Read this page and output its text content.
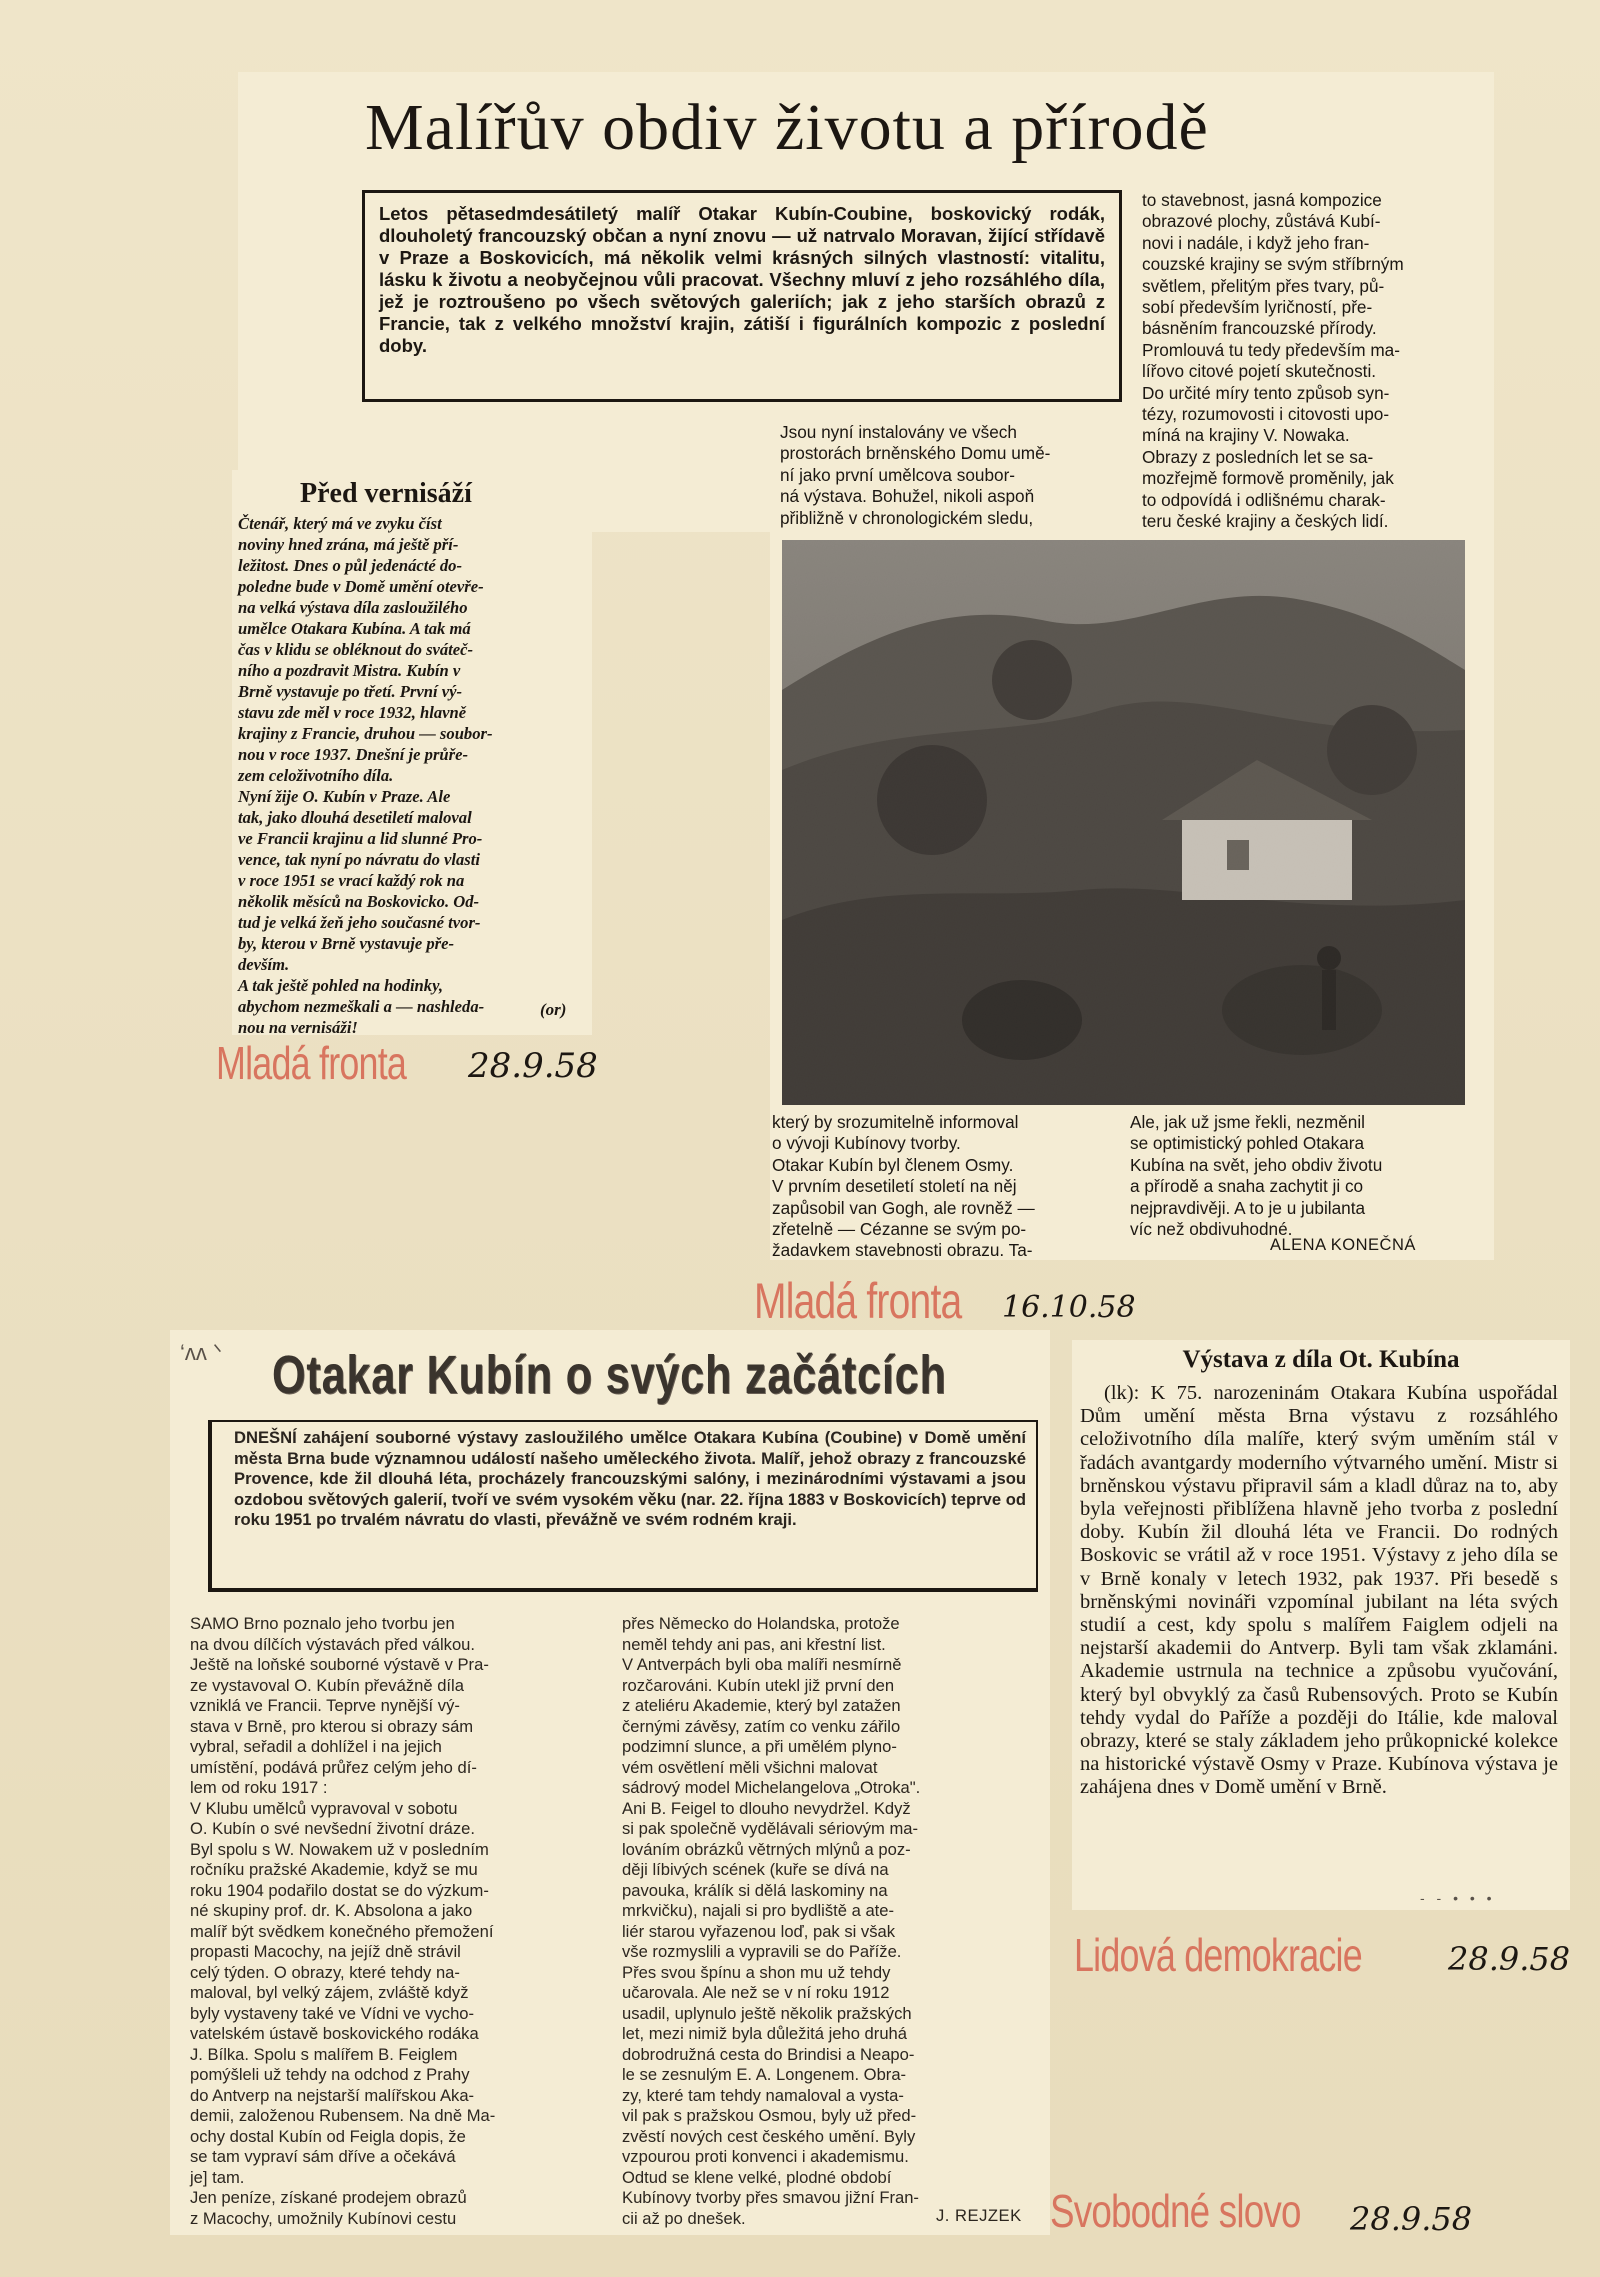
Malířův obdiv životu a přírodě
Letos pětasedmdesátiletý malíř Otakar Kubín-Coubine, boskovický rodák, dlouholetý francouzský občan a nyní znovu — už natrvalo Moravan, žijící střídavě v Praze a Boskovicích, má několik velmi krásných silných vlastností: vitalitu, lásku k životu a neobyčejnou vůli pracovat. Všechny mluví z jeho rozsáhlého díla, jež je roztroušeno po všech světových galeriích; jak z jeho starších obrazů z Francie, tak z velkého množství krajin, zátiší i figurálních kompozic z poslední doby.
to stavebnost, jasná kompozice
obrazové plochy, zůstává Kubí-
novi i nadále, i když jeho fran-
couzské krajiny se svým stříbrným
světlem, přelitým přes tvary, pů-
sobí především lyričností, pře-
básněním francouzské přírody.
Promlouvá tu tedy především ma-
lířovo citové pojetí skutečnosti.
Do určité míry tento způsob syn-
tézy, rozumovosti i citovosti upo-
míná na krajiny V. Nowaka.
Obrazy z posledních let se sa-
mozřejmě formově proměnily, jak
to odpovídá i odlišnému charak-
teru české krajiny a českých lidí.
Jsou nyní instalovány ve všech
prostorách brněnského Domu umě-
ní jako první umělcova soubor-
ná výstava. Bohužel, nikoli aspoň
přibližně v chronologickém sledu,
který by srozumitelně informoval
o vývoji Kubínovy tvorby.
Otakar Kubín byl členem Osmy.
V prvním desetiletí století na něj
zapůsobil van Gogh, ale rovněž —
zřetelně — Cézanne se svým po-
žadavkem stavebnosti obrazu. Ta-
Ale, jak už jsme řekli, nezměnil
se optimistický pohled Otakara
Kubína na svět, jeho obdiv životu
a přírodě a snaha zachytit ji co
nejpravdivěji. A to je u jubilanta
víc než obdivuhodné.
ALENA KONEČNÁ
Před vernisáží
Čtenář, který má ve zvyku číst
noviny hned zrána, má ještě pří-
ležitost. Dnes o půl jedenácté do-
poledne bude v Domě umění otevře-
na velká výstava díla zasloužilého
umělce Otakara Kubína. A tak má
čas v klidu se obléknout do sváteč-
ního a pozdravit Mistra. Kubín v
Brně vystavuje po třetí. První vý-
stavu zde měl v roce 1932, hlavně
krajiny z Francie, druhou — soubor-
nou v roce 1937. Dnešní je průře-
zem celoživotního díla.
Nyní žije O. Kubín v Praze. Ale
tak, jako dlouhá desetiletí maloval
ve Francii krajinu a lid slunné Pro-
vence, tak nyní po návratu do vlasti
v roce 1951 se vrací každý rok na
několik měsíců na Boskovicko. Od-
tud je velká žeň jeho současné tvor-
by, kterou v Brně vystavuje pře-
devším.
A tak ještě pohled na hodinky,
abychom nezmeškali a — nashleda-
nou na vernisáži!
(or)
Mladá fronta 28.9.58
Mladá fronta 16.10.58
‘ᴧᴧ ᐠ Otakar Kubín o svých začátcích
DNEŠNÍ zahájení souborné výstavy zasloužilého umělce Otakara Kubína (Coubine) v Domě umění města Brna bude významnou událostí našeho uměleckého života. Malíř, jehož obrazy z francouzské Provence, kde žil dlouhá léta, procházely francouzskými salóny, i mezinárodními výstavami a jsou ozdobou světových galerií, tvoří ve svém vysokém věku (nar. 22. října 1883 v Boskovicích) teprve od roku 1951 po trvalém návratu do vlasti, převážně ve svém rodném kraji.
SAMO Brno poznalo jeho tvorbu jen
na dvou dílčích výstavách před válkou.
Ještě na loňské souborné výstavě v Pra-
ze vystavoval O. Kubín převážně díla
vzniklá ve Francii. Teprve nynější vý-
stava v Brně, pro kterou si obrazy sám
vybral, seřadil a dohlížel i na jejich
umístění, podává průřez celým jeho dí-
lem od roku 1917 :
V Klubu umělců vypravoval v sobotu
O. Kubín o své nevšední životní dráze.
Byl spolu s W. Nowakem už v posledním
ročníku pražské Akademie, když se mu
roku 1904 podařilo dostat se do výzkum-
né skupiny prof. dr. K. Absolona a jako
malíř být svědkem konečného přemožení
propasti Macochy, na jejíž dně strávil
celý týden. O obrazy, které tehdy na-
maloval, byl velký zájem, zvláště když
byly vystaveny také ve Vídni ve vycho-
vatelském ústavě boskovického rodáka
J. Bílka. Spolu s malířem B. Feiglem
pomýšleli už tehdy na odchod z Prahy
do Antverp na nejstarší malířskou Aka-
demii, založenou Rubensem. Na dně Ma-
ochy dostal Kubín od Feigla dopis, že
se tam vypraví sám dříve a očekává
je] tam.
Jen peníze, získané prodejem obrazů
z Macochy, umožnily Kubínovi cestu
přes Německo do Holandska, protože
neměl tehdy ani pas, ani křestní list.
V Antverpách byli oba malíři nesmírně
rozčarováni. Kubín utekl již první den
z ateliéru Akademie, který byl zatažen
černými závěsy, zatím co venku zářilo
podzimní slunce, a při umělém plyno-
vém osvětlení měli všichni malovat
sádrový model Michelangelova „Otroka".
Ani B. Feigel to dlouho nevydržel. Když
si pak společně vydělávali sériovým ma-
lováním obrázků větrných mlýnů a poz-
ději líbivých scének (kuře se dívá na
pavouka, králík si dělá laskominy na
mrkvičku), najali si pro bydliště a ate-
liér starou vyřazenou loď, pak si však
vše rozmyslili a vypravili se do Paříže.
Přes svou špínu a shon mu už tehdy
učarovala. Ale než se v ní roku 1912
usadil, uplynulo ještě několik pražských
let, mezi nimiž byla důležitá jeho druhá
dobrodružná cesta do Brindisi a Neapo-
le se zesnulým E. A. Longenem. Obra-
zy, které tam tehdy namaloval a vysta-
vil pak s pražskou Osmou, byly už před-
zvěstí nových cest českého umění. Byly
vzpourou proti konvenci i akademismu.
Odtud se klene velké, plodné období
Kubínovy tvorby přes smavou jižní Fran-
cii až po dnešek.	J. REJZEK Svobodné slovo 28.9.58
Výstava z díla Ot. Kubína
(lk): K 75. narozeninám Otakara Kubína uspořádal Dům umění města Brna výstavu z rozsáhlého celoživotního díla malíře, který svým uměním stál v řadách avantgardy moderního výtvarného umění. Mistr si brněnskou výstavu připravil sám a kladl důraz na to, aby byla veřejnosti přiblížena hlavně jeho tvorba z poslední doby. Kubín žil dlouhá léta ve Francii. Do rodných Boskovic se vrátil až v roce 1951. Výstavy z jeho díla se v Brně konaly v letech 1932, pak 1937. Při besedě s brněnskými novináři vzpomínal jubilant na léta svých studií a cest, kdy spolu s malířem Faiglem odjeli na nejstarší akademii do Antverp. Byli tam však zklamáni. Akademie ustrnula na technice a způsobu vyučování, který byl obvyklý za časů Rubensových. Proto se Kubín tehdy vydal do Paříže a později do Itálie, kde maloval obrazy, které se staly základem jeho průkopnické kolekce na historické výstavě Osmy v Praze. Kubínova výstava je zahájena dnes v Domě umění v Brně.
- - • • •
Lidová demokracie	28.9.58
